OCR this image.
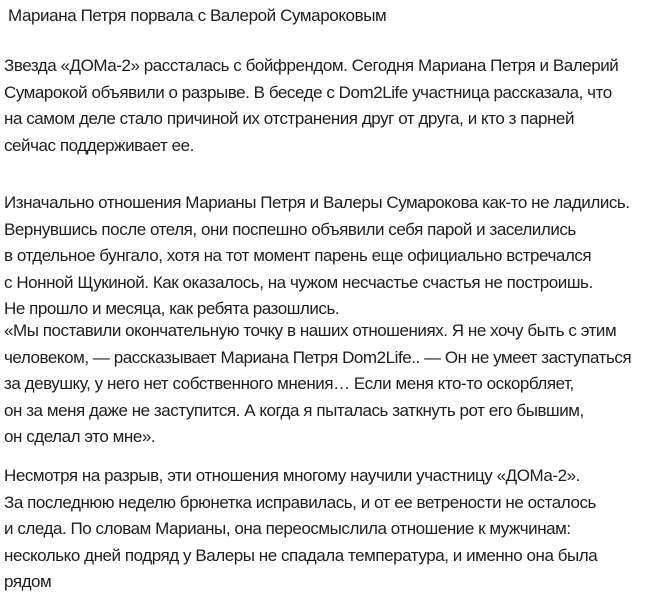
Мариана Петря порвала с Валерой Сумароковым
Звезда «ДОМа-2» рассталась с бойфрендом. Сегодня Мариана Петря и Валерий
Сумарокой объявили о разрыве. В беседе с Dom2Life участница рассказала, что
на самом деле стало причиной их отстранения друг от друга, и кто з парней
сейчас поддерживает ее.
Изначально отношения Марианы Петря и Валеры Сумарокова как-то не ладились.
Вернувшись после отеля, они поспешно объявили себя парой и заселились
в отдельное бунгало, хотя на тот момент парень еще официально встречался
с Нонной Щукиной. Как оказалось, на чужом несчастье счастья не построишь.
Не прошло и месяца, как ребята разошлись.
«Мы поставили окончательную точку в наших отношениях. Я не хочу быть с этим
человеком, — рассказывает Мариана Петря Dom2Life.. — Он не умеет заступаться
за девушку, у него нет собственного мнения… Если меня кто-то оскорбляет,
он за меня даже не заступится. А когда я пыталась заткнуть рот его бывшим,
он сделал это мне».
Несмотря на разрыв, эти отношения многому научили участницу «ДОМа-2».
За последнюю неделю брюнетка исправилась, и от ее ветрености не осталось
и следа. По словам Марианы, она переосмыслила отношение к мужчинам:
несколько дней подряд у Валеры не спадала температура, и именно она была
рядом
